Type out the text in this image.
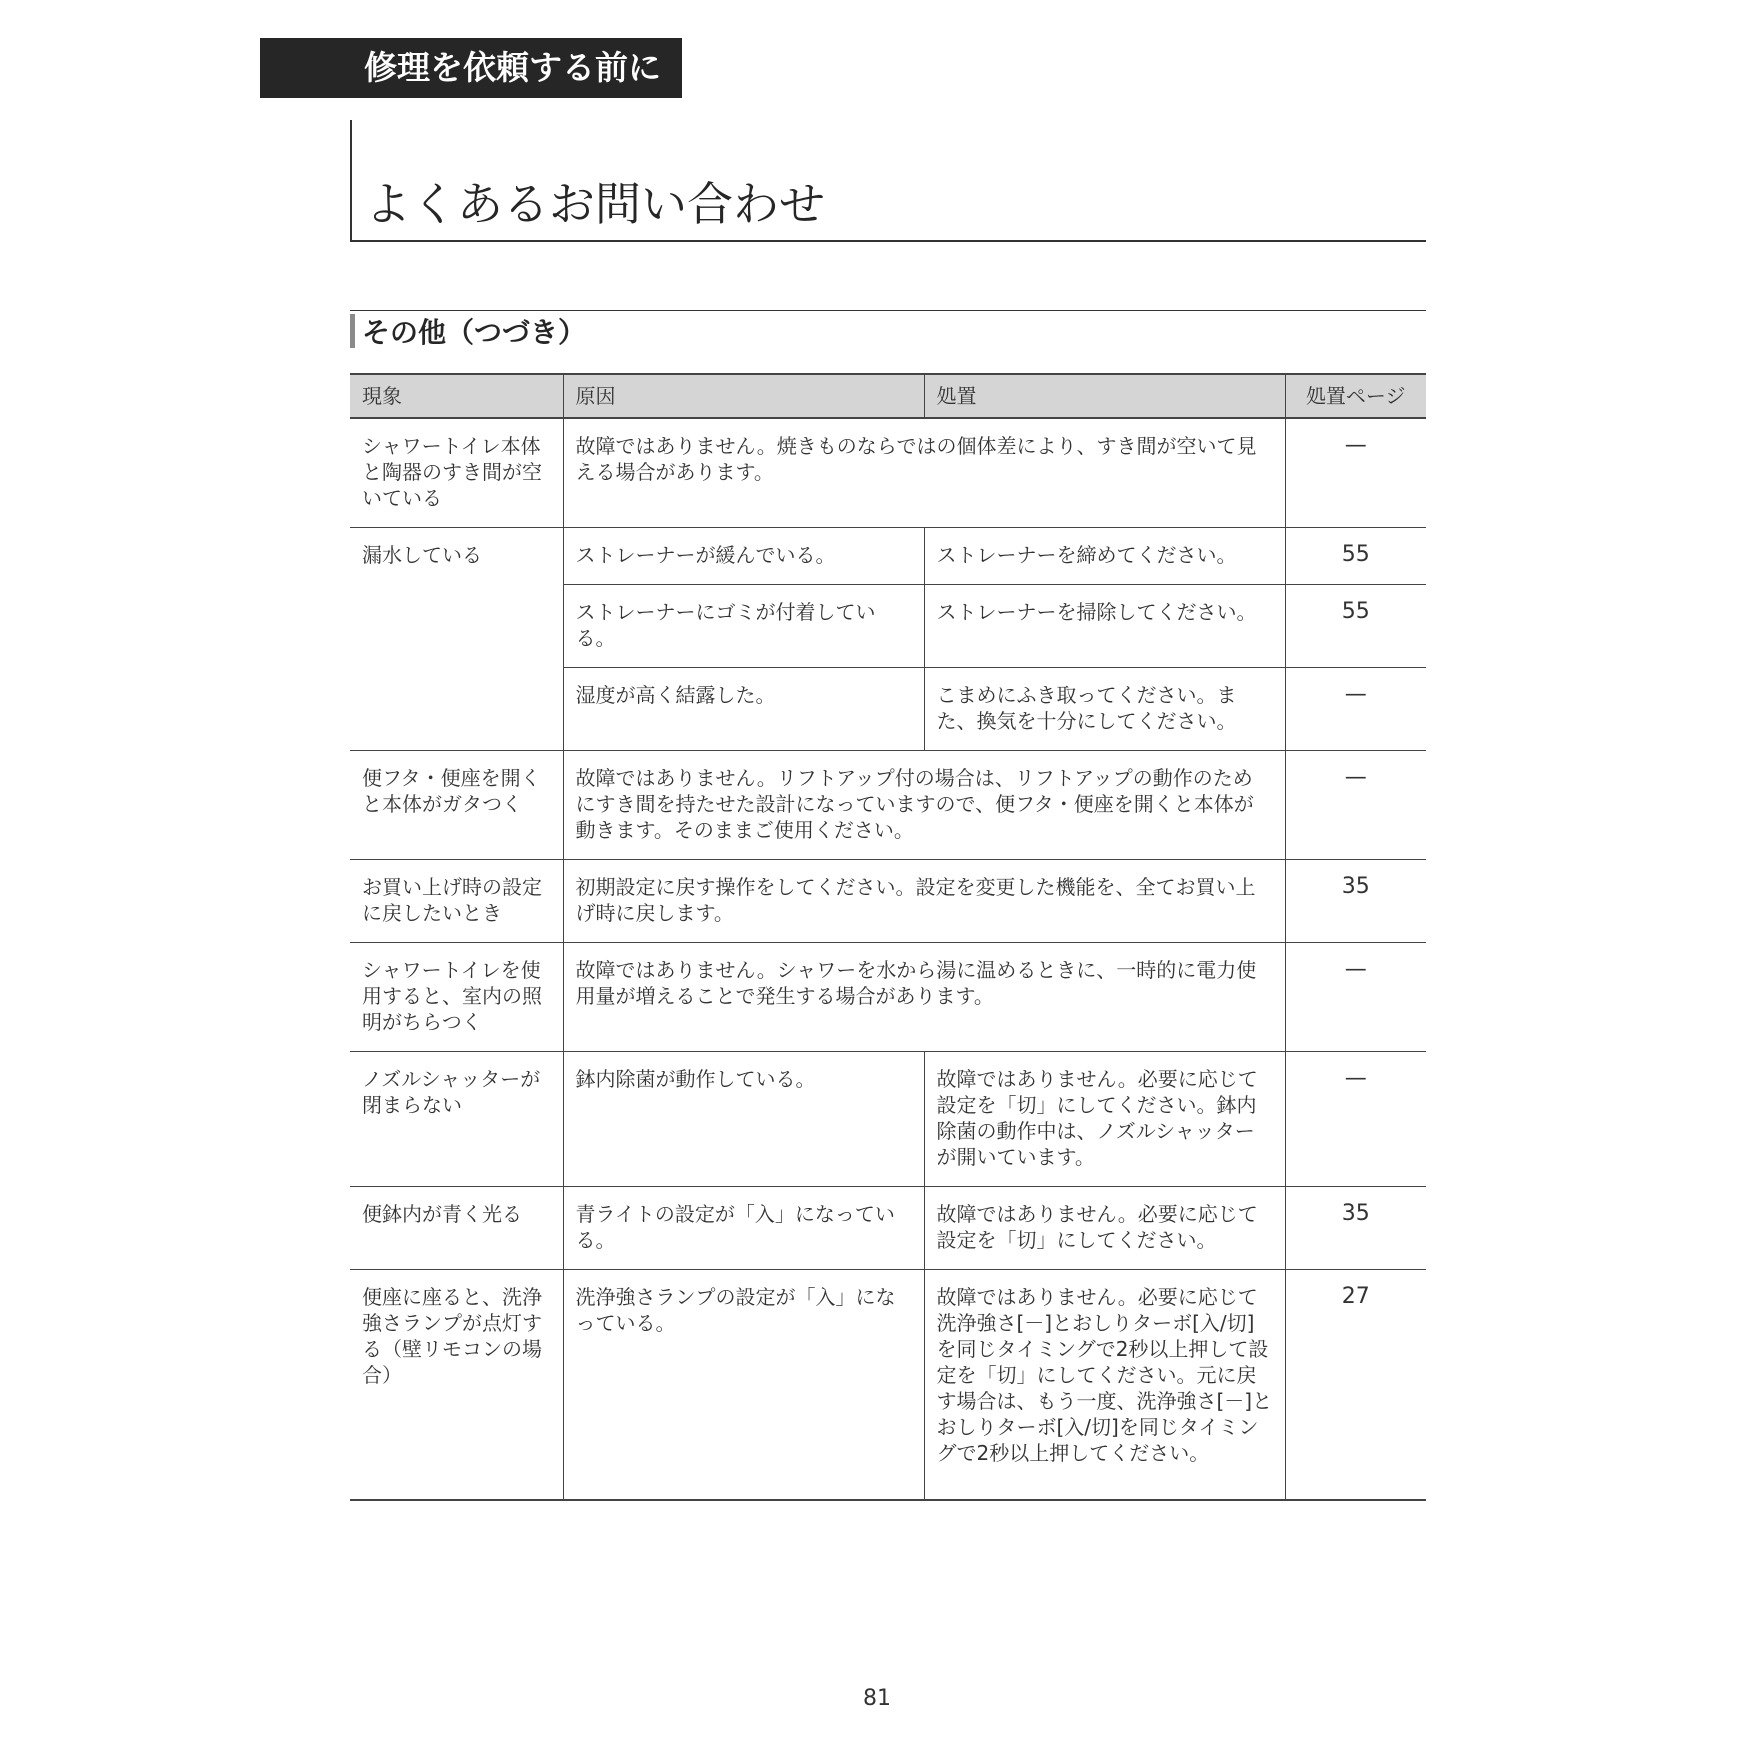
修理を依頼する前に
よくあるお問い合わせ
その他（つづき）
現象	原因	処置	処置ページ
シャワートイレ本体と陶器のすき間が空いている	故障ではありません。焼きものならではの個体差により、すき間が空いて見える場合があります。		—
漏水している	ストレーナーが緩んでいる。	ストレーナーを締めてください。	55
	ストレーナーにゴミが付着している。	ストレーナーを掃除してください。	55
	湿度が高く結露した。	こまめにふき取ってください。また、換気を十分にしてください。	—
便フタ・便座を開くと本体がガタつく	故障ではありません。リフトアップ付の場合は、リフトアップの動作のためにすき間を持たせた設計になっていますので、便フタ・便座を開くと本体が動きます。そのままご使用ください。		—
お買い上げ時の設定に戻したいとき	初期設定に戻す操作をしてください。設定を変更した機能を、全てお買い上げ時に戻します。		35
シャワートイレを使用すると、室内の照明がちらつく	故障ではありません。シャワーを水から湯に温めるときに、一時的に電力使用量が増えることで発生する場合があります。		—
ノズルシャッターが閉まらない	鉢内除菌が動作している。	故障ではありません。必要に応じて設定を「切」にしてください。鉢内除菌の動作中は、ノズルシャッターが開いています。	—
便鉢内が青く光る	青ライトの設定が「入」になっている。	故障ではありません。必要に応じて設定を「切」にしてください。	35
便座に座ると、洗浄強さランプが点灯する（壁リモコンの場合）	洗浄強さランプの設定が「入」になっている。	故障ではありません。必要に応じて洗浄強さ[－]とおしりターボ[入/切]を同じタイミングで2秒以上押して設定を「切」にしてください。元に戻す場合は、もう一度、洗浄強さ[－]とおしりターボ[入/切]を同じタイミングで2秒以上押してください。	27
81
